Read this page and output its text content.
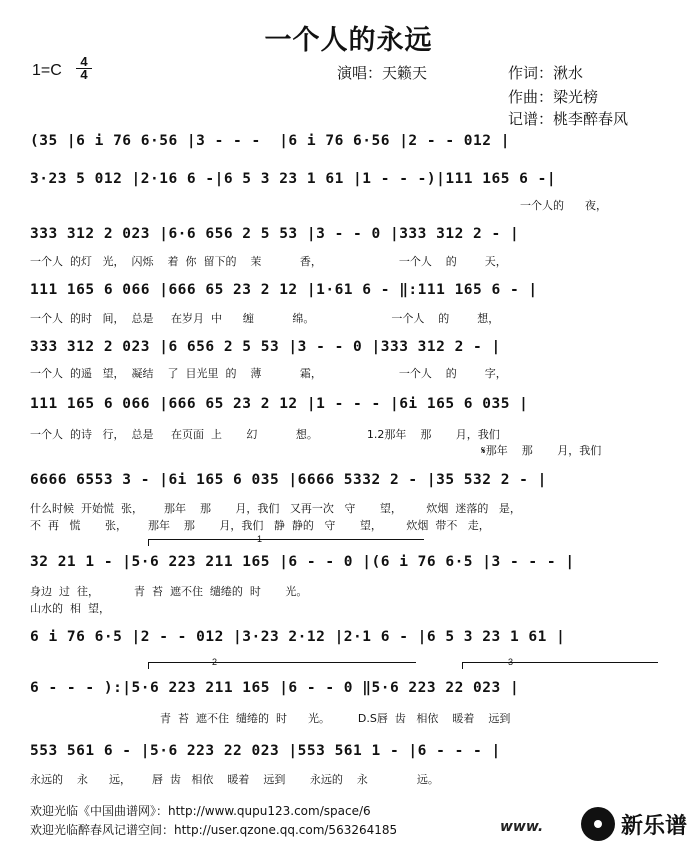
一个人的永远
1=C
4
4	演唱：天籁天	作词：湫水
作曲：梁光榜
记谱：桃李醉春风
(35 |6 i 76 6·56 |3 - - -  |6 i 76 6·56 |2 - - 012 |
3·23 5 012 |2·16 6 -|6 5 3 23 1 61 |1 - - -)|111 165 6 -|
一个人的      夜，
333 312 2 023 |6·6 656 2 5 53 |3 - - 0 |333 312 2 - |
一个人  的灯   光，  闪烁    着  你  留下的    茉           香，                      一个人    的        天，
111 165 6 066 |666 65 23 2 12 |1·61 6 - ‖:111 165 6 - |
一个人  的时   间，  总是     在岁月  中      缠           绵。                      一个人    的        想，
333 312 2 023 |6 656 2 5 53 |3 - - 0 |333 312 2 - |
一个人  的遥   望，  凝结    了  目光里  的    薄           霜，                      一个人    的        字，
111 165 6 066 |666 65 23 2 12 |1 - - - |6i 165 6 035 |
一个人  的诗   行，  总是     在页面  上       幻           想。              1.2那年    那       月，我们
𝄋那年    那       月，我们
6666 6553 3 - |6i 165 6 035 |6666 5332 2 - |35 532 2 - |
什么时候  开始慌  张，      那年    那       月，我们   又再一次   守       望，       炊烟  迷落的   是，
不  再   慌       张，      那年    那       月，我们   静  静的   守       望，       炊烟  带不   走，
1
32 21 1 - |5·6 223 211 165 |6 - - 0 |(6 i 76 6·5 |3 - - - |
身边  过  往，          青  苔  遮不住  缱绻的  时       光。
山水的  相  望，
6 i 76 6·5 |2 - - 012 |3·23 2·12 |2·1 6 - |6 5 3 23 1 61 |
2	3
6 - - - ):|5·6 223 211 165 |6 - - 0 ‖5·6 223 22 023 |
青  苔  遮不住  缱绻的  时      光。        D.S唇  齿   相依    暖着    远到
553 561 6 - |5·6 223 22 023 |553 561 1 - |6 - - - |
永远的    永      远，      唇  齿   相依    暖着    远到       永远的    永              远。
欢迎光临《中国曲谱网》：http://www.qupu123.com/space/6
欢迎光临醉春风记谱空间：http://user.qzone.qq.com/563264185	www.	新乐谱
